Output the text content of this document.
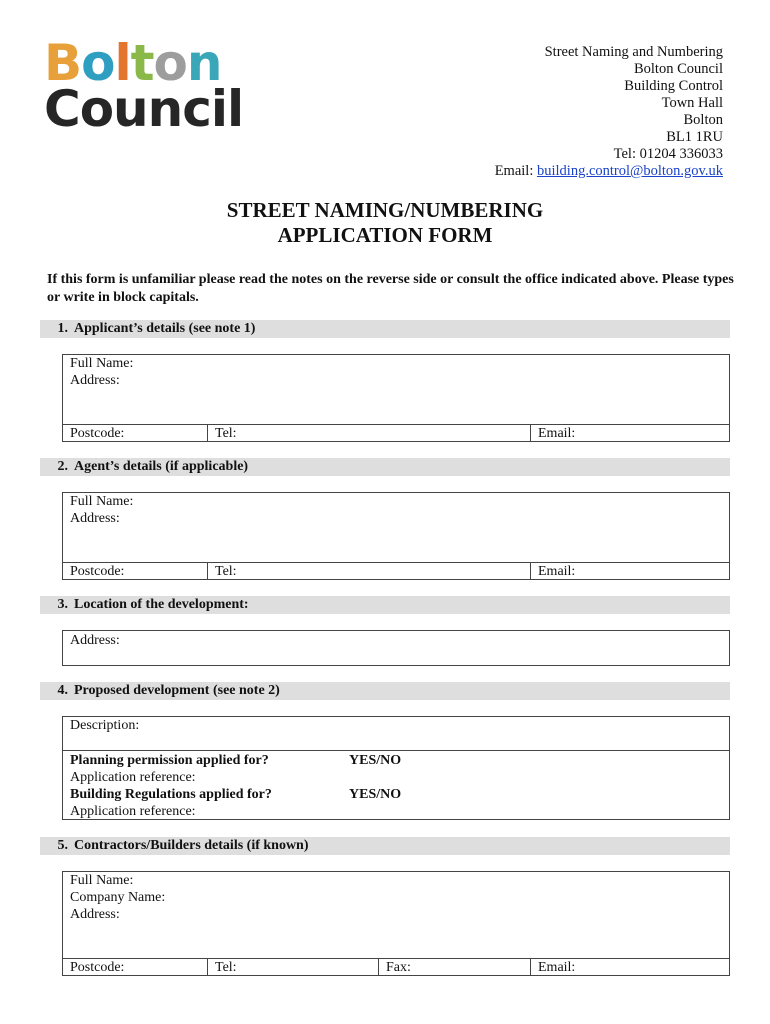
Bolton
Council
Street Naming and Numbering
Bolton Council
Building Control
Town Hall
Bolton
BL1 1RU
Tel: 01204 336033
Email: building.control@bolton.gov.uk
STREET NAMING/NUMBERING
APPLICATION FORM
If this form is unfamiliar please read the notes on the reverse side or consult the office indicated above. Please types or write in block capitals.
1. Applicant’s details (see note 1)
Full Name:
Address:
Postcode:	Tel:	Email:
2. Agent’s details (if applicable)
Full Name:
Address:
Postcode:	Tel:	Email:
3. Location of the development:
Address:
4. Proposed development (see note 2)
Description:
Planning permission applied for?	YES/NO
Application reference:
Building Regulations applied for?	YES/NO
Application reference:
5. Contractors/Builders details (if known)
Full Name:
Company Name:
Address:
Postcode:	Tel:	Fax:	Email:
